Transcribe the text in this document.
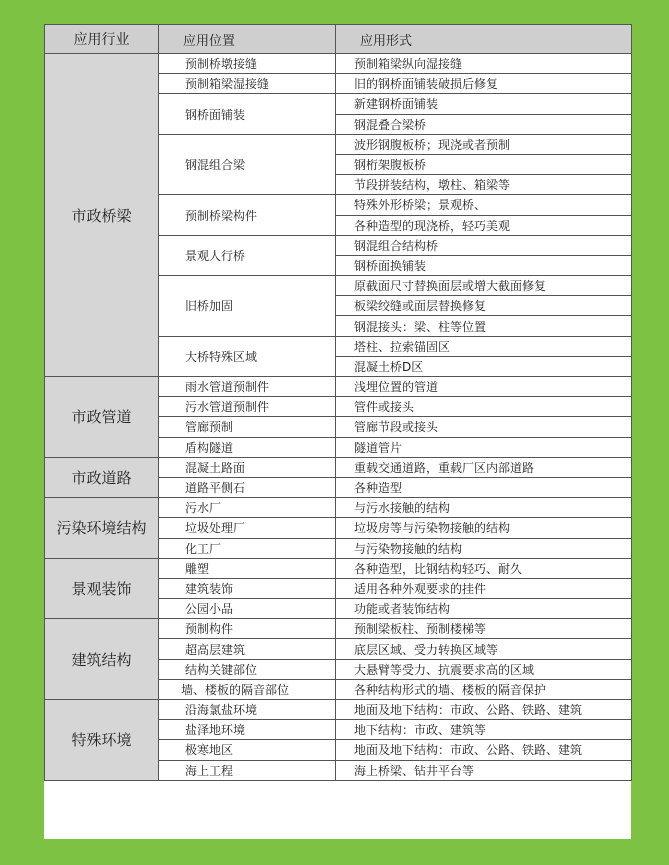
应用行业	应用位置	应用形式
市政桥梁	预制桥墩接缝	预制箱梁纵向湿接缝
	预制箱梁湿接缝	旧的钢桥面铺装破损后修复
	钢桥面铺装	新建钢桥面铺装
		钢混叠合梁桥
	钢混组合梁	波形钢腹板桥；现浇或者预制
		钢桁架腹板桥
		节段拼装结构，墩柱、箱梁等
	预制桥梁构件	特殊外形桥梁；景观桥、
		各种造型的现浇桥，轻巧美观
	景观人行桥	钢混组合结构桥
		钢桥面换铺装
	旧桥加固	原截面尺寸替换面层或增大截面修复
		板梁绞缝或面层替换修复
		钢混接头：梁、柱等位置
	大桥特殊区域	塔柱、拉索锚固区
		混凝土桥D区
市政管道	雨水管道预制件	浅埋位置的管道
	污水管道预制件	管件或接头
	管廊预制	管廊节段或接头
	盾构隧道	隧道管片
市政道路	混凝土路面	重载交通道路，重载厂区内部道路
	道路平侧石	各种造型
污染环境结构	污水厂	与污水接触的结构
	垃圾处理厂	垃圾房等与污染物接触的结构
	化工厂	与污染物接触的结构
景观装饰	雕塑	各种造型，比钢结构轻巧、耐久
	建筑装饰	适用各种外观要求的挂件
	公园小品	功能或者装饰结构
建筑结构	预制构件	预制梁板柱、预制楼梯等
	超高层建筑	底层区域、受力转换区域等
	结构关键部位	大悬臂等受力、抗震要求高的区域
	墙、楼板的隔音部位	各种结构形式的墙、楼板的隔音保护
特殊环境	沿海氯盐环境	地面及地下结构：市政、公路、铁路、建筑
	盐泽地环境	地下结构：市政、建筑等
	极寒地区	地面及地下结构：市政、公路、铁路、建筑
	海上工程	海上桥梁、钻井平台等
